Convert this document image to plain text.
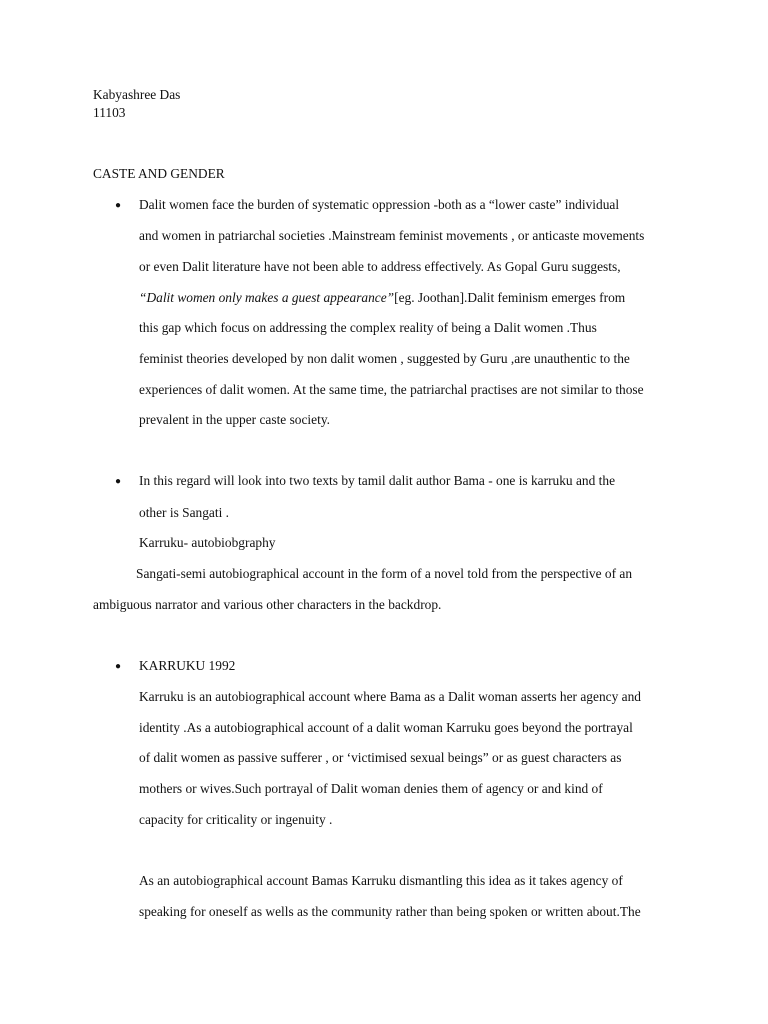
Kabyashree Das
11103
CASTE AND GENDER
● Dalit women face the burden of systematic oppression -both as a “lower caste” individual
and women in patriarchal societies .Mainstream feminist movements , or anticaste movements
or even Dalit literature have not been able to address effectively. As Gopal Guru suggests,
“Dalit women only makes a guest appearance”[eg. Joothan].Dalit feminism emerges from
this gap which focus on addressing the complex reality of being a Dalit women .Thus
feminist theories developed by non dalit women , suggested by Guru ,are unauthentic to the
experiences of dalit women. At the same time, the patriarchal practises are not similar to those
prevalent in the upper caste society.
● In this regard will look into two texts by tamil dalit author Bama - one is karruku and the
other is Sangati .
Karruku- autobiobgraphy
Sangati-semi autobiographical account in the form of a novel told from the perspective of an
ambiguous narrator and various other characters in the backdrop.
● KARRUKU 1992
Karruku is an autobiographical account where Bama as a Dalit woman asserts her agency and
identity .As a autobiographical account of a dalit woman Karruku goes beyond the portrayal
of dalit women as passive sufferer , or ‘victimised sexual beings” or as guest characters as
mothers or wives.Such portrayal of Dalit woman denies them of agency or and kind of
capacity for criticality or ingenuity .
As an autobiographical account Bamas Karruku dismantling this idea as it takes agency of
speaking for oneself as wells as the community rather than being spoken or written about.The
